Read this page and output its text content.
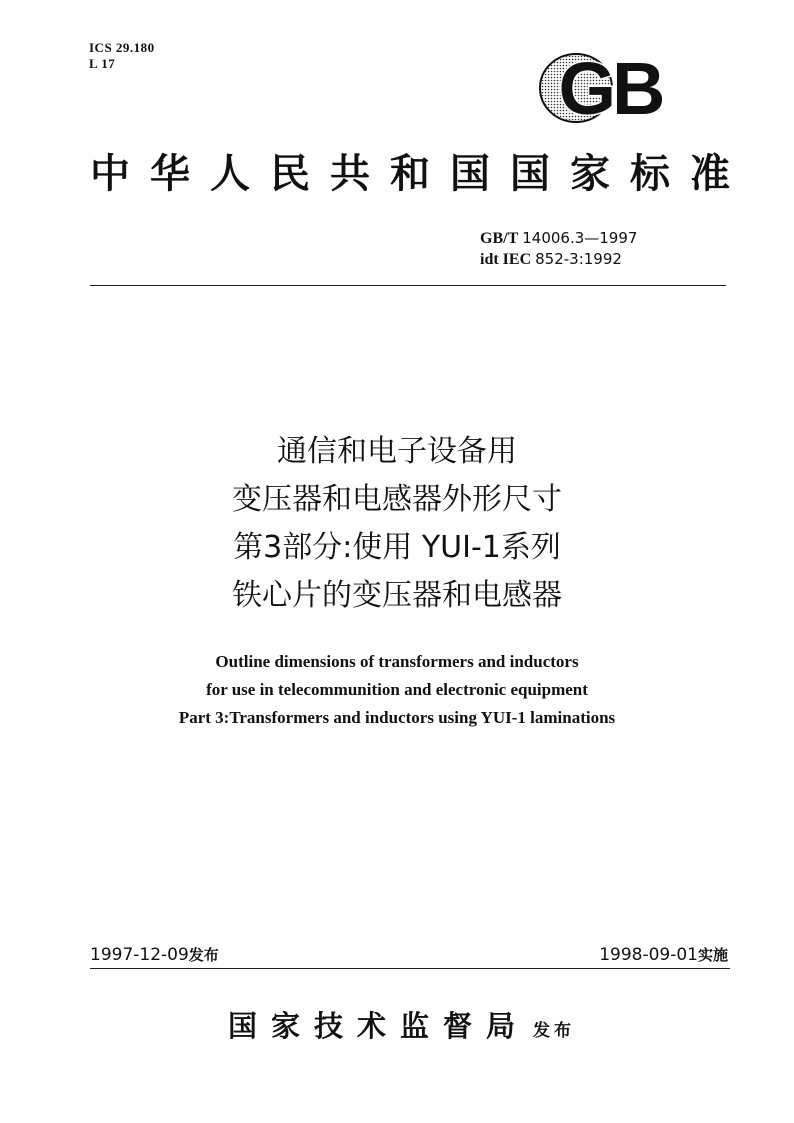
ICS 29.180
L 17	GB
中 华 人 民 共 和 国 国 家 标 准
GB/T 14006.3—1997
idt IEC 852-3:1992
通信和电子设备用
变压器和电感器外形尺寸
第3部分:使用 YUI-1系列
铁心片的变压器和电感器
Outline dimensions of transformers and inductors
for use in telecommunition and electronic equipment
Part 3:Transformers and inductors using YUI-1 laminations
1997-12-09发布	1998-09-01实施
国家技术监督局 发布
